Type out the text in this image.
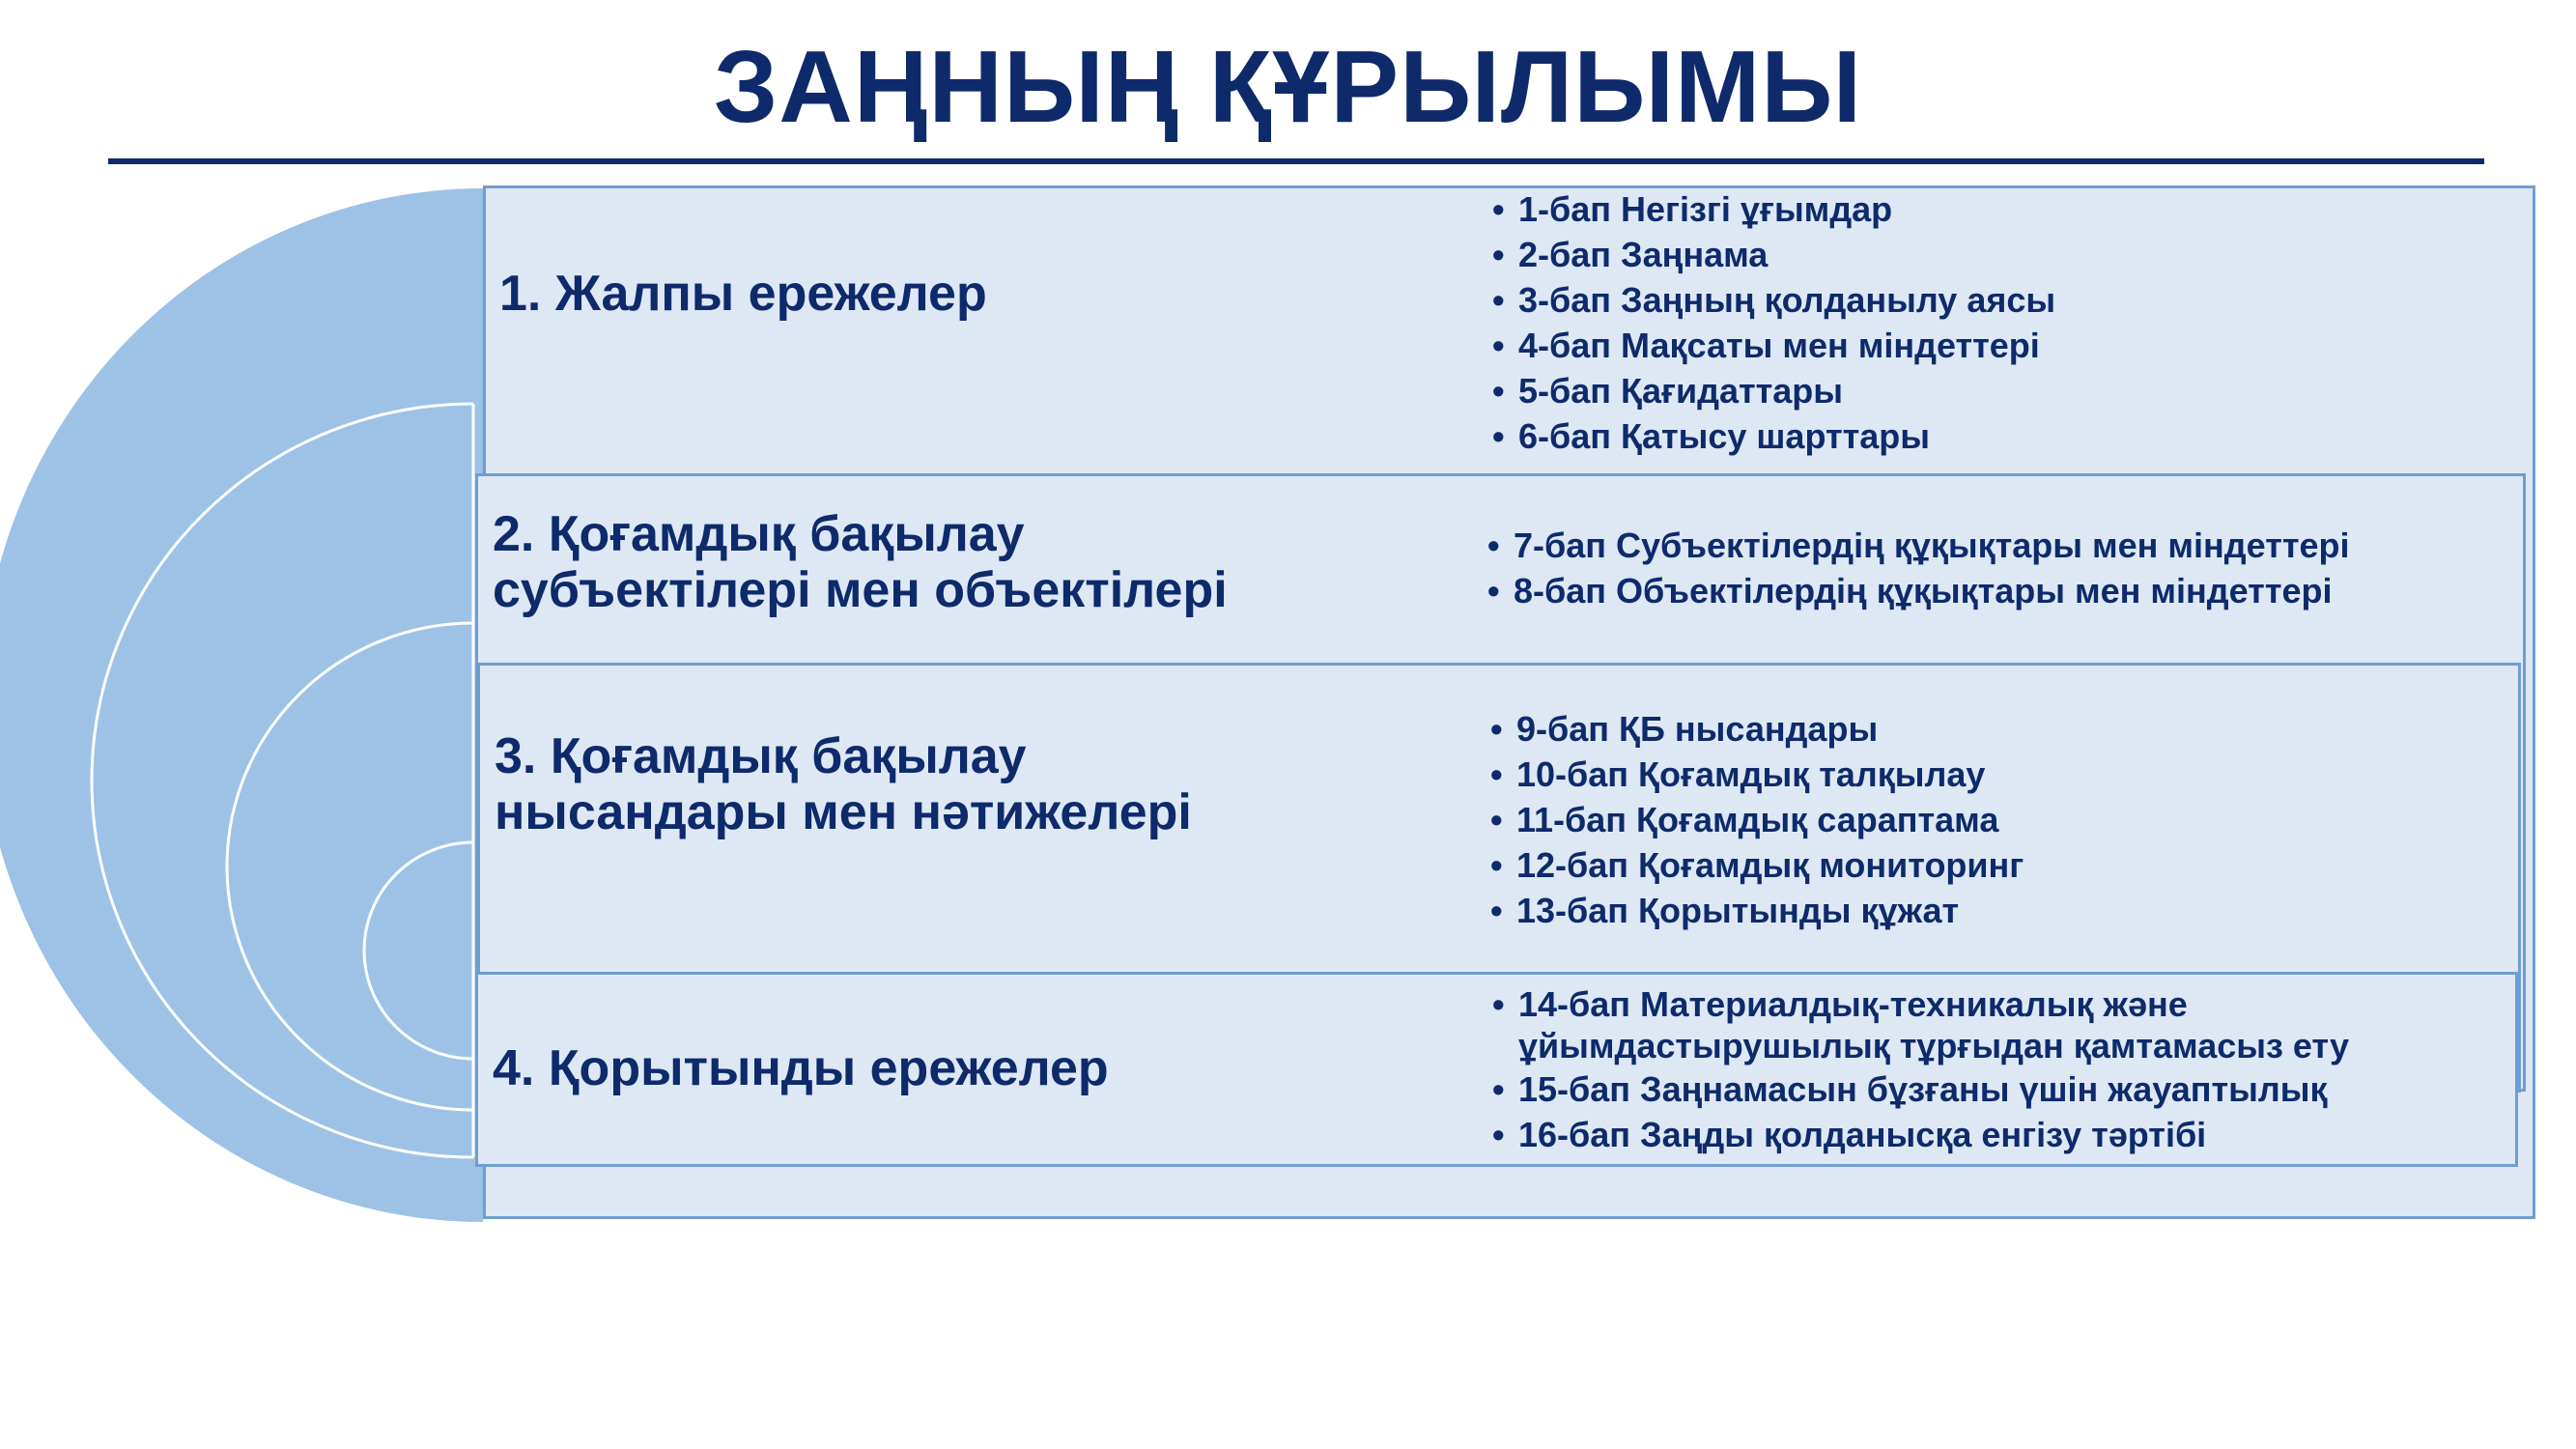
ЗАҢНЫҢ ҚҰРЫЛЫМЫ
1. Жалпы ережелер
• 1-бап Негізгі ұғымдар
• 2-бап Заңнама
• 3-бап Заңның қолданылу аясы
• 4-бап Мақсаты мен міндеттері
• 5-бап Қағидаттары
• 6-бап Қатысу шарттары
2. Қоғамдық бақылау
субъектілері мен объектілері
• 7-бап Субъектілердің құқықтары мен міндеттері
• 8-бап Объектілердің құқықтары мен міндеттері
3. Қоғамдық бақылау
нысандары мен нәтижелері
• 9-бап ҚБ нысандары
• 10-бап Қоғамдық талқылау
• 11-бап Қоғамдық сараптама
• 12-бап Қоғамдық мониторинг
• 13-бап Қорытынды құжат
4. Қорытынды ережелер
• 14-бап Материалдық-техникалық және
ұйымдастырушылық тұрғыдан қамтамасыз ету
• 15-бап Заңнамасын бұзғаны үшін жауаптылық
• 16-бап Заңды қолданысқа енгізу тәртібі
